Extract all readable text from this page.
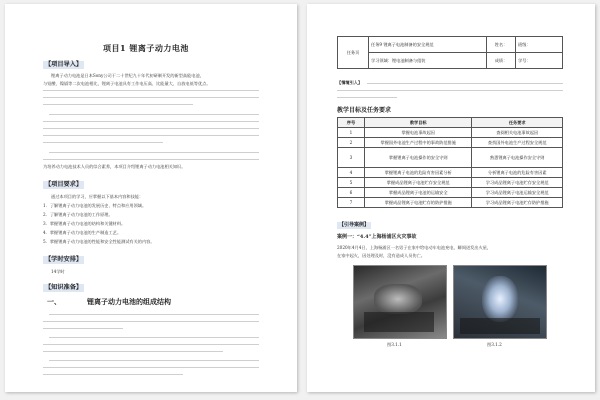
项目1 锂离子动力电池
【项目导入】
锂离子动力电池是日本Sony公司于二十世纪九十年代初研制开发的新型高能电池，
与铅酸、镍镉等二次电池相比，锂离子电池具有工作电压高、比能量大、自放电低等优点。
为培养动力电池技术人员的综合素养，本项目介绍锂离子动力电池相关知识。
【项目要求】
通过本项目的学习，应掌握以下基本内容和技能：
1．了解锂离子动力电池的发展历史、特点和应用领域。
2．了解锂离子动力电池的工作原理。
3．掌握锂离子动力电池的结构和关键材料。
4．掌握锂离子动力电池的生产制造工艺。
5．掌握锂离子动力电池的性能和安全性能测试有关的内容。
【学时安排】
14学时
【知识准备】
一、	锂离子动力电池的组成结构
任务页	任务9 锂离子电池制备的安全规范	姓名：	班级：
	学习领域：锂电池制备与组装	成绩：	学号：
【情境引入】
教学目标及任务要求
序号	教学目标	任务要求
1	掌握电池事故起因	查阅相关电池事故起因
2	掌握国外电池生产过程中的事故防范措施	查找国外电池生产过程安全规范
3	掌握锂离子电池操作的安全守则	熟悉锂离子电池操作安全守则
4	掌握锂离子电池的危险有害因素分析	分析锂离子电池的危险有害因素
5	掌握成品锂离子电池贮存安全规范	学习成品锂离子电池贮存安全规范
6	掌握成品锂离子电池的运输安全	学习成品锂离子电池运输安全规范
7	掌握成品锂离子电池贮存的防护措施	学习成品锂离子电池贮存防护措施
【引导案例】
案例一：“4.4”上海杨浦区火灾事故
2020年4月4日，上海杨浦区一名男子在家中给电动车电池充电，瞬间迸发出火星，
在家中起火，因处理及时，没有造成人员伤亡。
图3.1.1	图3.1.2
